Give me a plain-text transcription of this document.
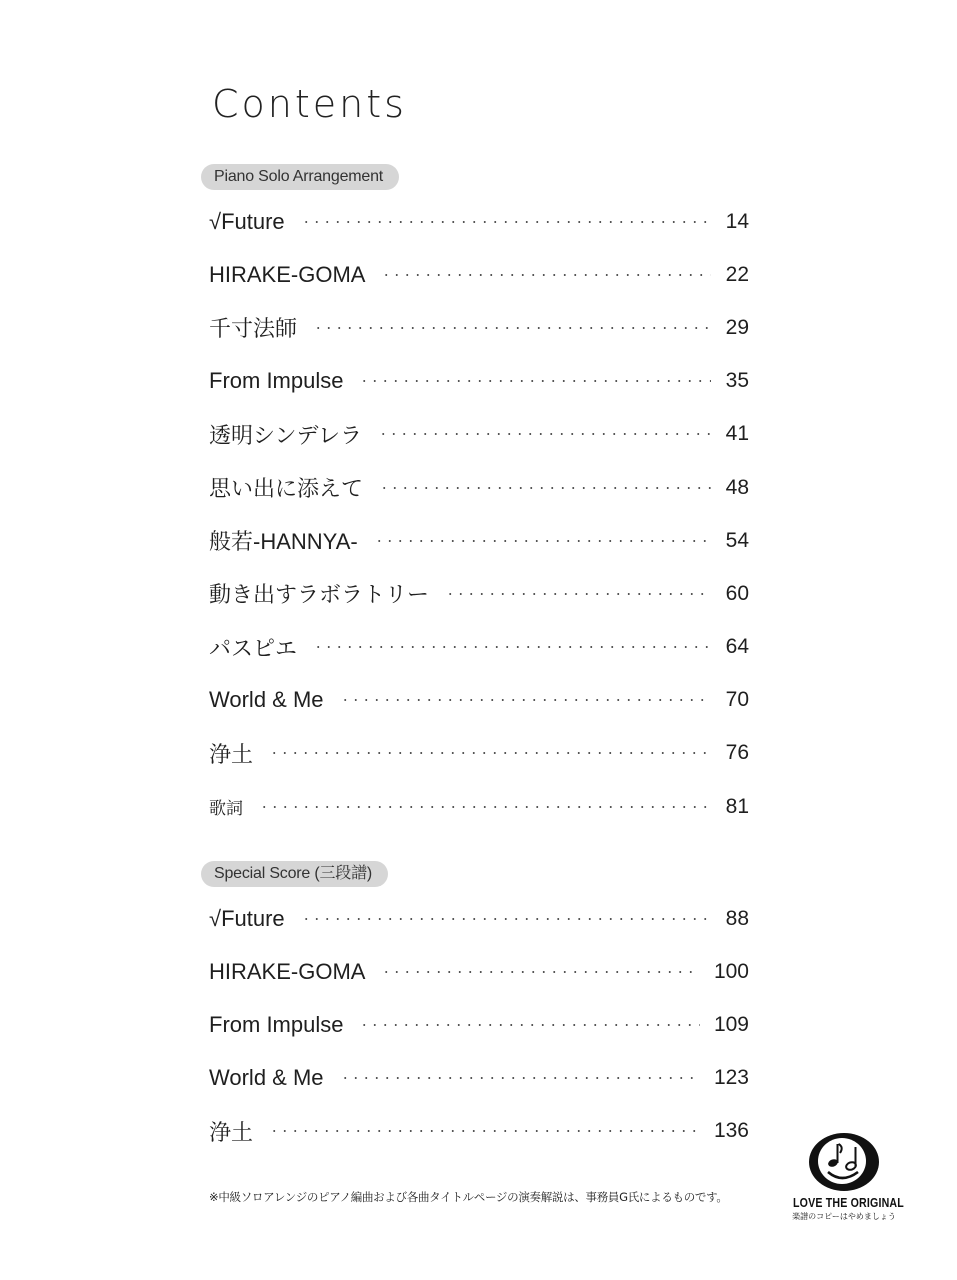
Contents
Piano Solo Arrangement
√Future	14
HIRAKE-GOMA	22
千寸法師	29
From Impulse	35
透明シンデレラ	41
思い出に添えて	48
般若-HANNYA-	54
動き出すラボラトリー	60
パスピエ	64
World & Me	70
浄土	76
歌詞	81
Special Score (三段譜)
√Future	88
HIRAKE-GOMA	100
From Impulse	109
World & Me	123
浄土	136
※中級ソロアレンジのピアノ編曲および各曲タイトルページの演奏解説は、事務員G氏によるものです。	LOVE THE ORIGINAL
楽譜のコピーはやめましょう
